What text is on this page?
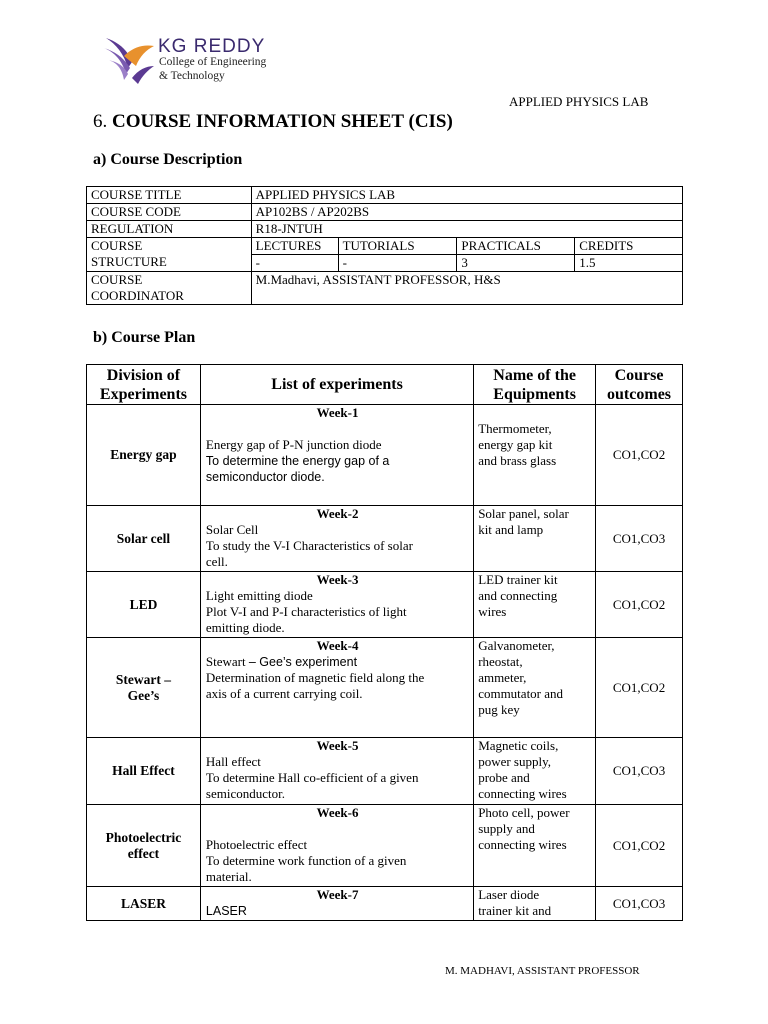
KG REDDY
College of Engineering
& Technology
APPLIED PHYSICS LAB
6. COURSE INFORMATION SHEET (CIS)
a) Course Description
COURSE TITLE	APPLIED PHYSICS LAB			
COURSE CODE	AP102BS / AP202BS			
REGULATION	R18-JNTUH			

COURSE
STRUCTURE	LECTURES	TUTORIALS	PRACTICALS	CREDITS
	-	-	3	1.5

COURSE
COORDINATOR	M.Madhavi, ASSISTANT PROFESSOR, H&S			
b) Course Plan
Division of
Experiments	List of experiments	Name of the
Equipments	Course
outcomes

Energy gap	Week-1
Energy gap of P-N junction diode
To determine the energy gap of a
semiconductor diode.	Thermometer,
energy gap kit
and brass glass	CO1,CO2
Solar cell	Week-2
Solar Cell
To study the V-I Characteristics of solar
cell.	Solar panel, solar
kit and lamp	CO1,CO3
LED	Week-3
Light emitting diode
Plot V-I and P-I characteristics of light
emitting diode.	LED trainer kit
and connecting
wires	CO1,CO2

Stewart –
Gee’s	Week-4
Stewart – Gee’s experiment
Determination of magnetic field along the
axis of a current carrying coil.	Galvanometer,
rheostat,
ammeter,
commutator and
pug key	CO1,CO2
Hall Effect	Week-5
Hall effect
To determine Hall co-efficient of a given
semiconductor.	Magnetic coils,
power supply,
probe and
connecting wires	CO1,CO3

Photoelectric
effect	Week-6
Photoelectric effect
To determine work function of a given
material.	Photo cell, power
supply and
connecting wires	CO1,CO2
LASER	Week-7
LASER	Laser diode
trainer kit and	CO1,CO3
M. MADHAVI, ASSISTANT PROFESSOR
